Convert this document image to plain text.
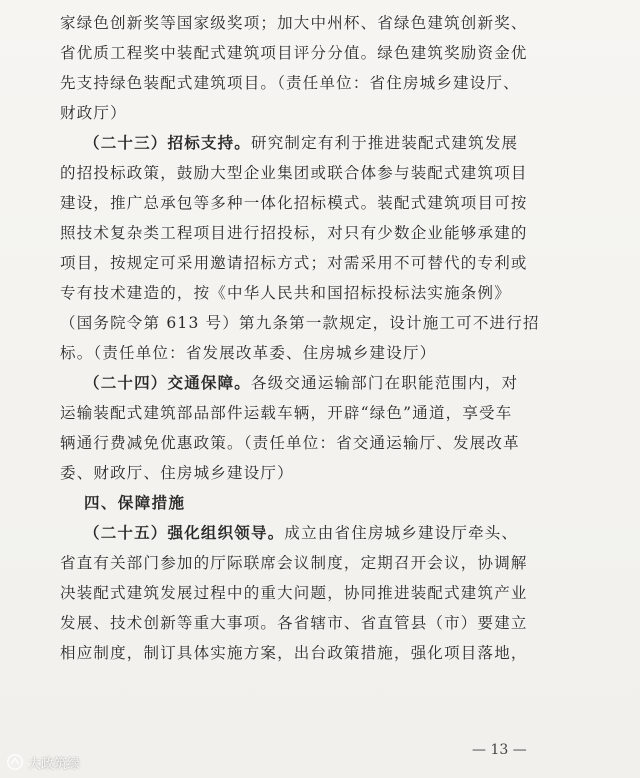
家绿色创新奖等国家级奖项；加大中州杯、省绿色建筑创新奖、
省优质工程奖中装配式建筑项目评分分值。绿色建筑奖励资金优
先支持绿色装配式建筑项目。（责任单位：省住房城乡建设厅、
财政厅）
（二十三）招标支持。研究制定有利于推进装配式建筑发展
的招投标政策，鼓励大型企业集团或联合体参与装配式建筑项目
建设，推广总承包等多种一体化招标模式。装配式建筑项目可按
照技术复杂类工程项目进行招投标，对只有少数企业能够承建的
项目，按规定可采用邀请招标方式；对需采用不可替代的专利或
专有技术建造的，按《中华人民共和国招标投标法实施条例》
（国务院令第 613 号）第九条第一款规定，设计施工可不进行招
标。（责任单位：省发展改革委、住房城乡建设厅）
（二十四）交通保障。各级交通运输部门在职能范围内，对
运输装配式建筑部品部件运载车辆，开辟“绿色”通道，享受车
辆通行费减免优惠政策。（责任单位：省交通运输厅、发展改革
委、财政厅、住房城乡建设厅）
四、保障措施
（二十五）强化组织领导。成立由省住房城乡建设厅牵头、
省直有关部门参加的厅际联席会议制度，定期召开会议，协调解
决装配式建筑发展过程中的重大问题，协同推进装配式建筑产业
发展、技术创新等重大事项。各省辖市、省直管县（市）要建立
相应制度，制订具体实施方案，出台政策措施，强化项目落地，
— 13 —
大政筑绿
